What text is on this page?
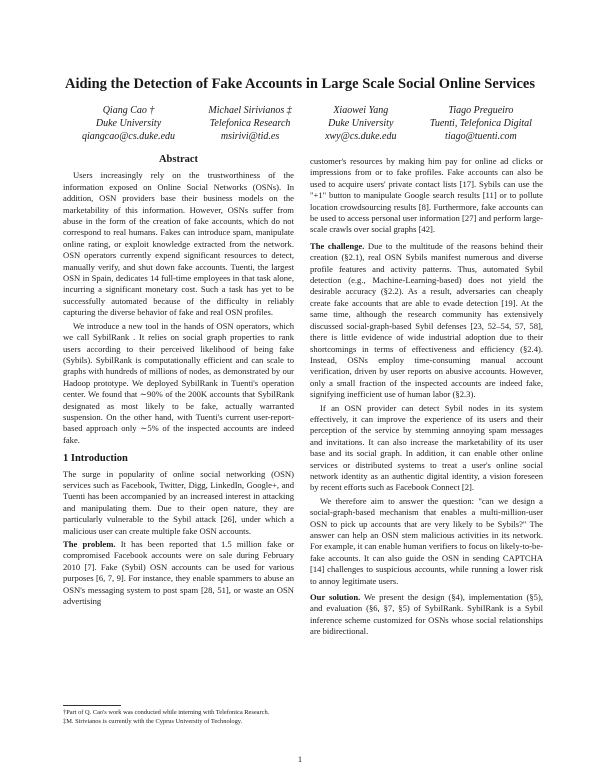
Aiding the Detection of Fake Accounts in Large Scale Social Online Services
Qiang Cao †
Duke University
qiangcao@cs.duke.edu
Michael Sirivianos ‡
Telefonica Research
msirivi@tid.es
Xiaowei Yang
Duke University
xwy@cs.duke.edu
Tiago Pregueiro
Tuenti, Telefonica Digital
tiago@tuenti.com
Abstract

Users increasingly rely on the trustworthiness of the information exposed on Online Social Networks (OSNs). In addition, OSN providers base their business models on the marketability of this information. However, OSNs suffer from abuse in the form of the creation of fake accounts, which do not correspond to real humans. Fakes can introduce spam, manipulate online rating, or exploit knowledge extracted from the network. OSN operators currently expend significant resources to detect, manually verify, and shut down fake accounts. Tuenti, the largest OSN in Spain, dedicates 14 full-time employees in that task alone, incurring a significant monetary cost. Such a task has yet to be successfully automated because of the difficulty in reliably capturing the diverse behavior of fake and real OSN profiles.

We introduce a new tool in the hands of OSN operators, which we call SybilRank . It relies on social graph properties to rank users according to their perceived likelihood of being fake (Sybils). SybilRank is computationally efficient and can scale to graphs with hundreds of millions of nodes, as demonstrated by our Hadoop prototype. We deployed SybilRank in Tuenti's operation center. We found that ∼90% of the 200K accounts that SybilRank designated as most likely to be fake, actually warranted suspension. On the other hand, with Tuenti's current user-report-based approach only ∼5% of the inspected accounts are indeed fake.

1 Introduction

The surge in popularity of online social networking (OSN) services such as Facebook, Twitter, Digg, LinkedIn, Google+, and Tuenti has been accompanied by an increased interest in attacking and manipulating them. Due to their open nature, they are particularly vulnerable to the Sybil attack [26], under which a malicious user can create multiple fake OSN accounts.

The problem. It has been reported that 1.5 million fake or compromised Facebook accounts were on sale during February 2010 [7]. Fake (Sybil) OSN accounts can be used for various purposes [6, 7, 9]. For instance, they enable spammers to abuse an OSN's messaging system to post spam [28, 51], or waste an OSN advertising

customer's resources by making him pay for online ad clicks or impressions from or to fake profiles. Fake accounts can also be used to acquire users' private contact lists [17]. Sybils can use the "+1" button to manipulate Google search results [11] or to pollute location crowdsourcing results [8]. Furthermore, fake accounts can be used to access personal user information [27] and perform large-scale crawls over social graphs [42].

The challenge. Due to the multitude of the reasons behind their creation (§2.1), real OSN Sybils manifest numerous and diverse profile features and activity patterns. Thus, automated Sybil detection (e.g., Machine-Learning-based) does not yield the desirable accuracy (§2.2). As a result, adversaries can cheaply create fake accounts that are able to evade detection [19]. At the same time, although the research community has extensively discussed social-graph-based Sybil defenses [23, 52–54, 57, 58], there is little evidence of wide industrial adoption due to their shortcomings in terms of effectiveness and efficiency (§2.4). Instead, OSNs employ time-consuming manual account verification, driven by user reports on abusive accounts. However, only a small fraction of the inspected accounts are indeed fake, signifying inefficient use of human labor (§2.3).

If an OSN provider can detect Sybil nodes in its system effectively, it can improve the experience of its users and their perception of the service by stemming annoying spam messages and invitations. It can also increase the marketability of its user base and its social graph. In addition, it can enable other online services or distributed systems to treat a user's online social network identity as an authentic digital identity, a vision foreseen by recent efforts such as Facebook Connect [2].

We therefore aim to answer the question: "can we design a social-graph-based mechanism that enables a multi-million-user OSN to pick up accounts that are very likely to be Sybils?" The answer can help an OSN stem malicious activities in its network. For example, it can enable human verifiers to focus on likely-to-be-fake accounts. It can also guide the OSN in sending CAPTCHA [14] challenges to suspicious accounts, while running a lower risk to annoy legitimate users.

Our solution. We present the design (§4), implementation (§5), and evaluation (§6, §7, §5) of SybilRank. SybilRank is a Sybil inference scheme customized for OSNs whose social relationships are bidirectional.

†Part of Q. Cao's work was conducted while interning with Telefonica Research.
‡M. Sirivianos is currently with the Cyprus University of Technology.
1
